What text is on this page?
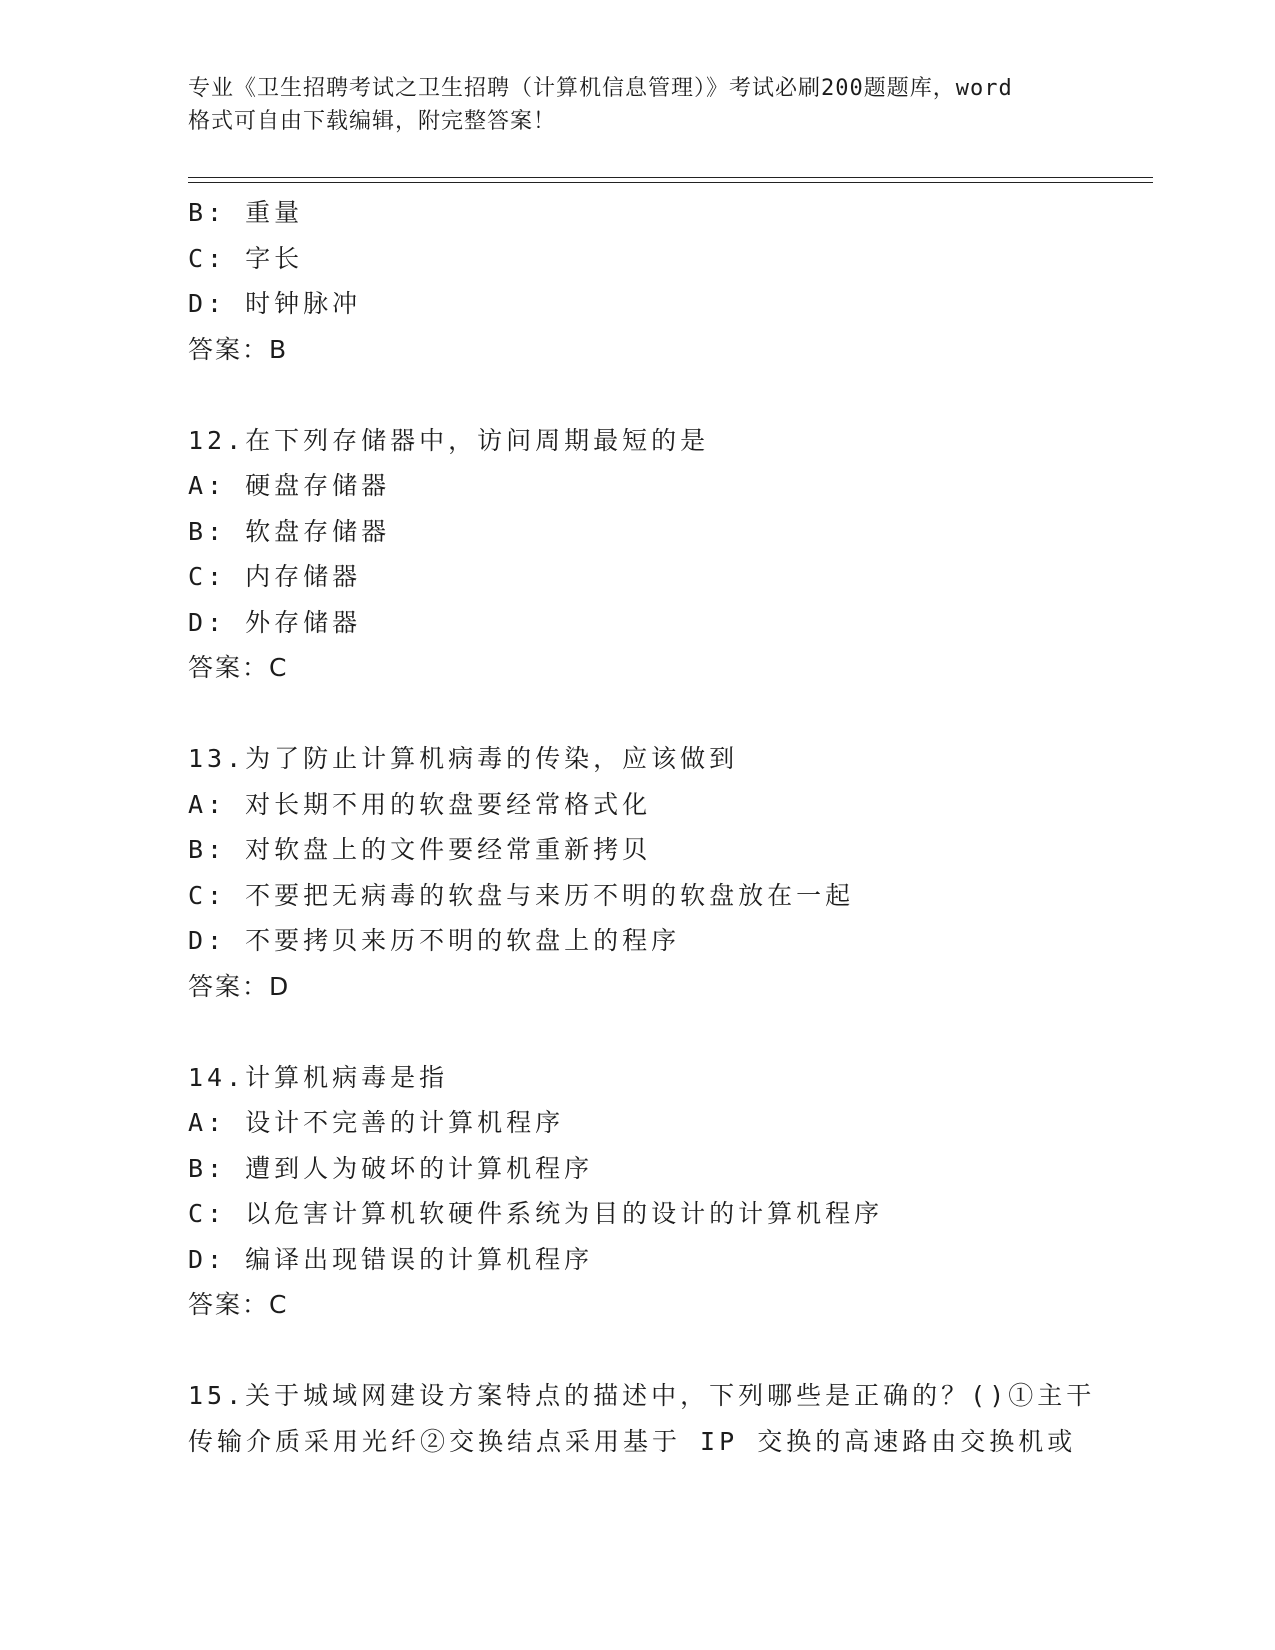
专业《卫生招聘考试之卫生招聘（计算机信息管理）》考试必刷200题题库，word
格式可自由下载编辑，附完整答案！
B: 重量
C: 字长
D: 时钟脉冲
答案：B
12.在下列存储器中，访问周期最短的是
A: 硬盘存储器
B: 软盘存储器
C: 内存储器
D: 外存储器
答案：C
13.为了防止计算机病毒的传染，应该做到
A: 对长期不用的软盘要经常格式化
B: 对软盘上的文件要经常重新拷贝
C: 不要把无病毒的软盘与来历不明的软盘放在一起
D: 不要拷贝来历不明的软盘上的程序
答案：D
14.计算机病毒是指
A: 设计不完善的计算机程序
B: 遭到人为破坏的计算机程序
C: 以危害计算机软硬件系统为目的设计的计算机程序
D: 编译出现错误的计算机程序
答案：C
15.关于城域网建设方案特点的描述中，下列哪些是正确的？()①主干
传输介质采用光纤②交换结点采用基于 IP 交换的高速路由交换机或
